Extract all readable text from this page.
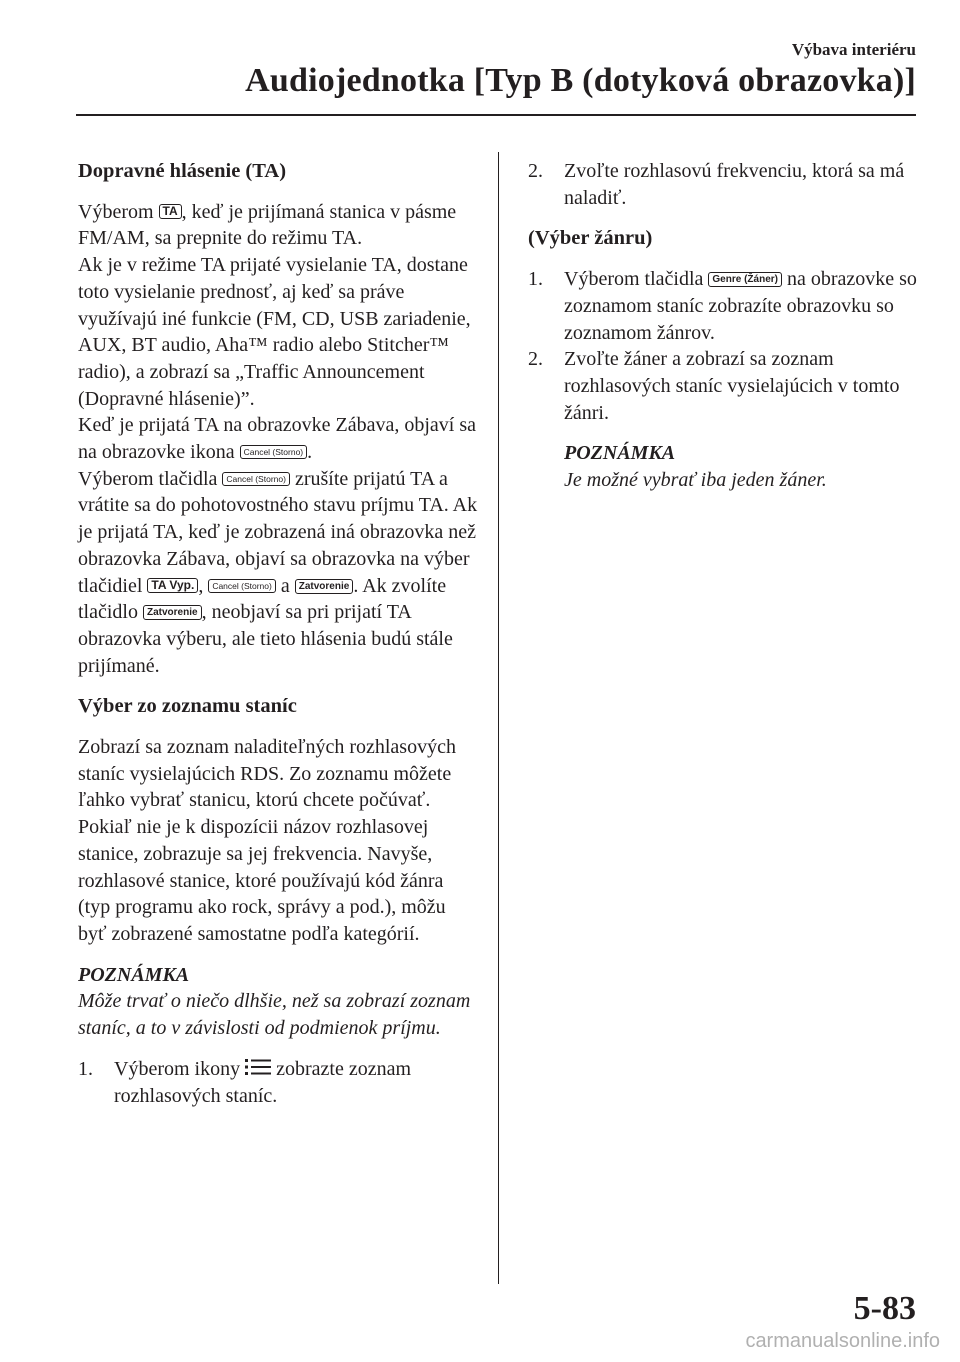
Výbava interiéru
Audiojednotka [Typ B (dotyková obrazovka)]

Dopravné hlásenie (TA)

Výberom TA , keď je prijímaná stanica v pásme FM/AM, sa prepnite do režimu TA.

Ak je v režime TA prijaté vysielanie TA, dostane toto vysielanie prednosť, aj keď sa práve využívajú iné funkcie (FM, CD, USB zariadenie, AUX, BT audio, Aha™ radio alebo Stitcher™ radio), a zobrazí sa „Traffic Announcement (Dopravné hlásenie)”.

Keď je prijatá TA na obrazovke Zábava, objaví sa na obrazovke ikona Cancel (Storno) .

Výberom tlačidla Cancel (Storno) zrušíte prijatú TA a vrátite sa do pohotovostného stavu príjmu TA. Ak je prijatá TA, keď je zobrazená iná obrazovka než obrazovka Zábava, objaví sa obrazovka na výber tlačidiel TA Vyp. , Cancel (Storno) a Zatvorenie . Ak zvolíte tlačidlo Zatvorenie , neobjaví sa pri prijatí TA obrazovka výberu, ale tieto hlásenia budú stále prijímané.

Výber zo zoznamu staníc

Zobrazí sa zoznam naladiteľných rozhlasových staníc vysielajúcich RDS. Zo zoznamu môžete ľahko vybrať stanicu, ktorú chcete počúvať. Pokiaľ nie je k dispozícii názov rozhlasovej stanice, zobrazuje sa jej frekvencia. Navyše, rozhlasové stanice, ktoré používajú kód žánra (typ programu ako rock, správy a pod.), môžu byť zobrazené samostatne podľa kategórií.

POZNÁMKA

Môže trvať o niečo dlhšie, než sa zobrazí zoznam staníc, a to v závislosti od podmienok príjmu.

1.	Výberom ikony  zobrazte zoznam rozhlasových staníc.
2.	Zvoľte rozhlasovú frekvenciu, ktorá sa má naladiť.

(Výber žánru)

1.	Výberom tlačidla Genre (Žáner) na obrazovke so zoznamom staníc zobrazíte obrazovku so zoznamom žánrov.
2.	Zvoľte žáner a zobrazí sa zoznam rozhlasových staníc vysielajúcich v tomto žánri.

POZNÁMKA

Je možné vybrať iba jeden žáner.

5-83
carmanualsonline.info
